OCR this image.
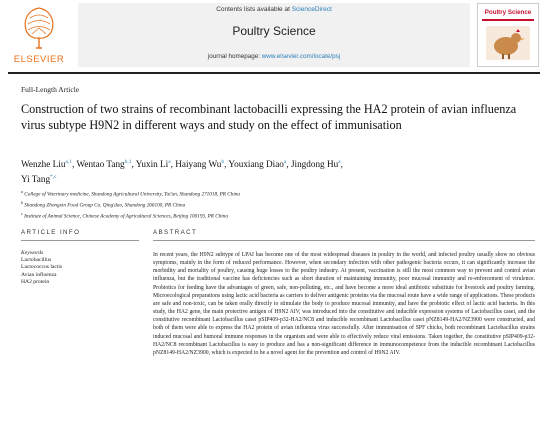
ELSEVIER
Contents lists available at ScienceDirect
Poultry Science
journal homepage: www.elsevier.com/locate/psj
Poultry Science
Full-Length Article
Construction of two strains of recombinant lactobacilli expressing the HA2 protein of avian influenza virus subtype H9N2 in different ways and study on the effect of immunisation
Wenzhe Liu$^{a,1}$, Wentao Tang$^{b,1}$, Yuxin Li$^a$, Haiyang Wu$^b$, Youxiang Diao$^a$, Jingdong Hu$^a$,
Yi Tang$^{*,c}$
$^a$ College of Veterinary medicine, Shandong Agricultural University, Tai'an, Shandong 271018, PR China
$^b$ Shandong Zhongxin Food Group Co. Qing'dao, Shandong 266100, PR China
$^c$ Institute of Animal Science, Chinese Academy of Agricultural Sciences, Beijing 100193, PR China
ARTICLE INFO	ABSTRACT
Keywords
Lactobacillus
Lactococcus lactis
Avian influenza
HA2 protein
In recent years, the H9N2 subtype of LPAI has become one of the most widespread diseases in poultry in the world, and infected poultry usually show no obvious symptoms, mainly in the form of reduced performance. However, when secondary infection with other pathogenic bacteria occurs, it can significantly increase the morbidity and mortality of poultry, causing huge losses to the poultry industry. At present, vaccination is still the most common way to prevent and control avian influenza, but the traditional vaccine has deficiencies such as short duration of maintaining immunity, poor mucosal immunity and re-enforcement of virulence. Probiotics for feeding have the advantages of green, safe, non-polluting, etc., and have become a more ideal antibiotic substitute for livestock and poultry farming. Microecological preparations using lactic acid bacteria as carriers to deliver antigenic proteins via the mucosal route have a wide range of applications. These products are safe and non-toxic, can be taken orally directly to stimulate the body to produce mucosal immunity, and have the probiotic effect of lactic acid bacteria. In this study, the HA2 gene, the main protective antigen of H9N2 AIV, was introduced into the constitutive and inducible expression systems of Lactobacillus casei, and the constitutive recombinant Lactobacillus casei pSIP409-p32-HA2/NC8 and inducible recombinant Lactobacillus casei pNZ8149-HA2/NZ3900 were constructed, and both of them were able to express the HA2 protein of avian influenza virus successfully. After immunisation of SPF chicks, both recombinant Lactobacillus strains induced mucosal and humoral immune responses in the organism and were able to effectively reduce viral emissions. Taken together, the constitutive pSIP409-p32-HA2/NC8 recombinant Lactobacillus is easy to produce and has a non-significant difference in immunocompetence from the inducible recombinant Lactobacillus pNZ8149-HA2/NZ3900, which is expected to be a novel agent for the prevention and control of H9N2 AIV.
